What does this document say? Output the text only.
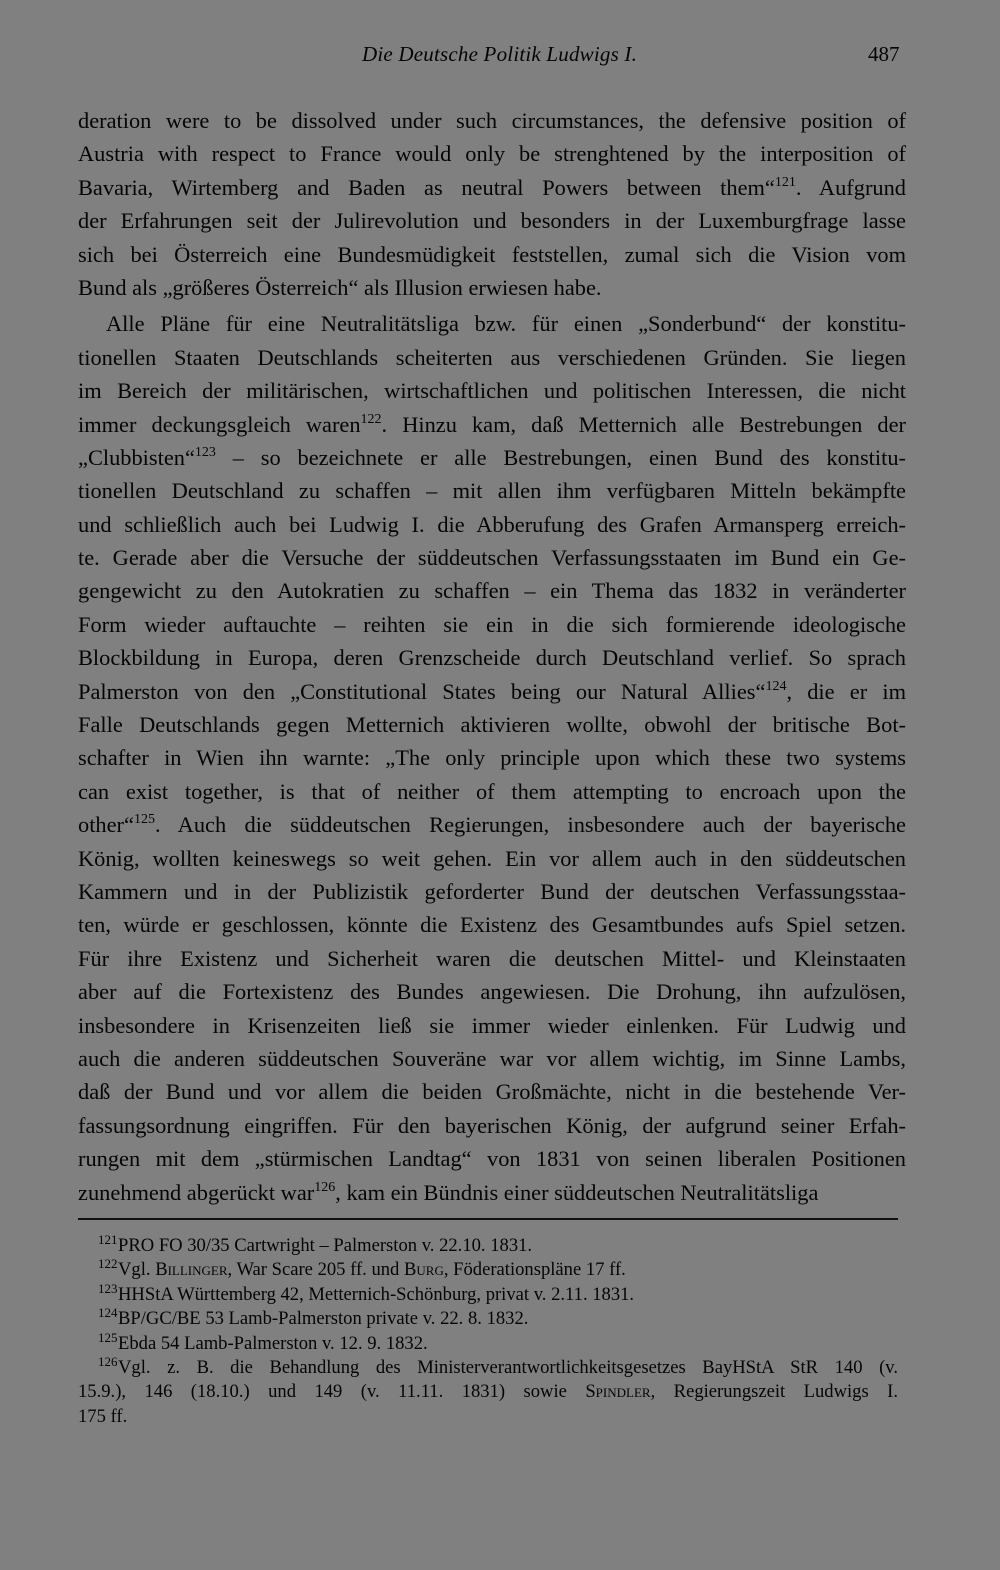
Die Deutsche Politik Ludwigs I.	487
deration were to be dissolved under such circumstances, the defensive position of
Austria with respect to France would only be strenghtened by the interposition of
Bavaria, Wirtemberg and Baden as neutral Powers between them“$^{121}$. Aufgrund
der Erfahrungen seit der Julirevolution und besonders in der Luxemburgfrage lasse
sich bei Österreich eine Bundesmüdigkeit feststellen, zumal sich die Vision vom
Bund als „größeres Österreich“ als Illusion erwiesen habe.
Alle Pläne für eine Neutralitätsliga bzw. für einen „Sonderbund“ der konstitu-
tionellen Staaten Deutschlands scheiterten aus verschiedenen Gründen. Sie liegen
im Bereich der militärischen, wirtschaftlichen und politischen Interessen, die nicht
immer deckungsgleich waren$^{122}$. Hinzu kam, daß Metternich alle Bestrebungen der
„Clubbisten“$^{123}$ – so bezeichnete er alle Bestrebungen, einen Bund des konstitu-
tionellen Deutschland zu schaffen – mit allen ihm verfügbaren Mitteln bekämpfte
und schließlich auch bei Ludwig I. die Abberufung des Grafen Armansperg erreich-
te. Gerade aber die Versuche der süddeutschen Verfassungsstaaten im Bund ein Ge-
gengewicht zu den Autokratien zu schaffen – ein Thema das 1832 in veränderter
Form wieder auftauchte – reihten sie ein in die sich formierende ideologische
Blockbildung in Europa, deren Grenzscheide durch Deutschland verlief. So sprach
Palmerston von den „Constitutional States being our Natural Allies“$^{124}$, die er im
Falle Deutschlands gegen Metternich aktivieren wollte, obwohl der britische Bot-
schafter in Wien ihn warnte: „The only principle upon which these two systems
can exist together, is that of neither of them attempting to encroach upon the
other“$^{125}$. Auch die süddeutschen Regierungen, insbesondere auch der bayerische
König, wollten keineswegs so weit gehen. Ein vor allem auch in den süddeutschen
Kammern und in der Publizistik geforderter Bund der deutschen Verfassungsstaa-
ten, würde er geschlossen, könnte die Existenz des Gesamtbundes aufs Spiel setzen.
Für ihre Existenz und Sicherheit waren die deutschen Mittel- und Kleinstaaten
aber auf die Fortexistenz des Bundes angewiesen. Die Drohung, ihn aufzulösen,
insbesondere in Krisenzeiten ließ sie immer wieder einlenken. Für Ludwig und
auch die anderen süddeutschen Souveräne war vor allem wichtig, im Sinne Lambs,
daß der Bund und vor allem die beiden Großmächte, nicht in die bestehende Ver-
fassungsordnung eingriffen. Für den bayerischen König, der aufgrund seiner Erfah-
rungen mit dem „stürmischen Landtag“ von 1831 von seinen liberalen Positionen
zunehmend abgerückt war$^{126}$, kam ein Bündnis einer süddeutschen Neutralitätsliga
121PRO FO 30/35 Cartwright – Palmerston v. 22.10. 1831.
122Vgl. Billinger, War Scare 205 ff. und Burg, Föderationspläne 17 ff.
123HHStA Württemberg 42, Metternich-Schönburg, privat v. 2.11. 1831.
124BP/GC/BE 53 Lamb-Palmerston private v. 22. 8. 1832.
125Ebda 54 Lamb-Palmerston v. 12. 9. 1832.
126Vgl. z. B. die Behandlung des Ministerverantwortlichkeitsgesetzes BayHStA StR 140 (v.
15.9.), 146 (18.10.) und 149 (v. 11.11. 1831) sowie Spindler, Regierungszeit Ludwigs I.
175 ff.
